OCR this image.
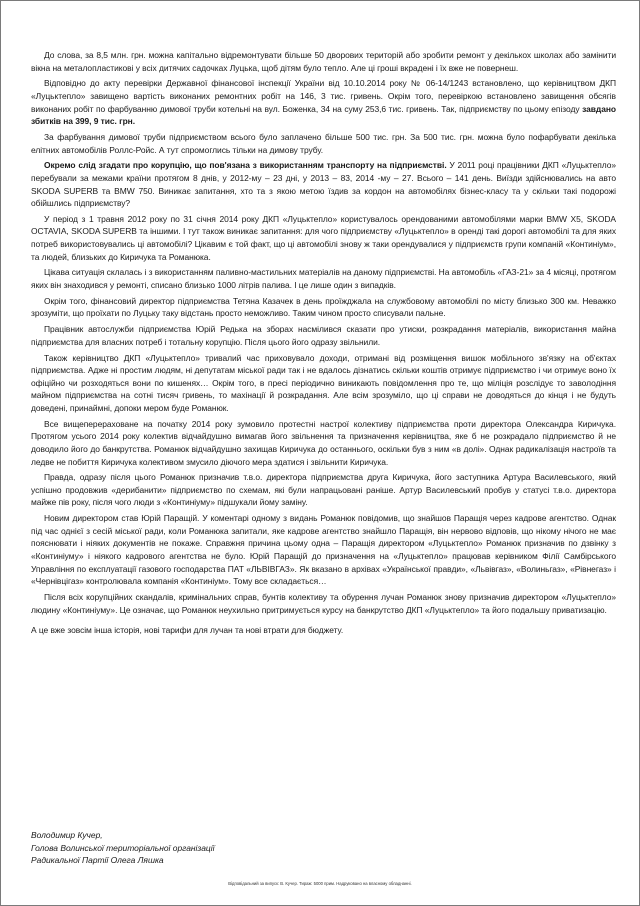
До слова, за 8,5 млн. грн. можна капітально відремонтувати більше 50 дворових територій або зробити ремонт у декількох школах або замінити вікна на металопластикові у всіх дитячих садочках Луцька, щоб дітям було тепло. Але ці гроші вкрадені і їх вже не повернеш.

Відповідно до акту перевірки Державної фінансової інспекції України від 10.10.2014 року № 06-14/1243 встановлено, що керівництвом ДКП «Луцьктепло» завищено вартість виконаних ремонтних робіт на 146, 3 тис. гривень. Окрім того, перевіркою встановлено завищення обсягів виконаних робіт по фарбуванню димової труби котельні на вул. Боженка, 34 на суму 253,6 тис. гривень. Так, підприємству по цьому епізоду завдано збитків на 399, 9 тис. грн.

За фарбування димової труби підприємством всього було заплачено більше 500 тис. грн. За 500 тис. грн. можна було пофарбувати декілька елітних автомобілів Роллс-Ройс. А тут спромоглись тільки на димову трубу.

Окремо слід згадати про корупцію, що пов'язана з використанням транспорту на підприємстві. У 2011 році працівники ДКП «Луцьктепло» перебували за межами країни протягом 8 днів, у 2012-му – 23 дні, у 2013 – 83, 2014 -му – 27. Всього – 141 день. Виїзди здійснювались на авто SKODA SUPERB та BMW 750. Виникає запитання, хто та з якою метою їздив за кордон на автомобілях бізнес-класу та у скільки такі подорожі обійшлись підприємству?

У період з 1 травня 2012 року по 31 січня 2014 року ДКП «Луцьктепло» користувалось орендованими автомобілями марки BMW X5, SKODA OCTAVIA, SKODA SUPERB та іншими. І тут також виникає запитання: для чого підприємству «Луцьктепло» в оренді такі дорогі автомобілі та для яких потреб використовувались ці автомобілі? Цікавим є той факт, що ці автомобілі знову ж таки орендувалися у підприємств групи компаній «Континіум», та людей, близьких до Киричука та Романюка.

Цікава ситуація склалась і з використанням паливно-мастильних матеріалів на даному підприємстві. На автомобіль «ГАЗ-21» за 4 місяці, протягом яких він знаходився у ремонті, списано близько 1000 літрів палива. І це лише один з випадків.

Окрім того, фінансовий директор підприємства Тетяна Казачек в день проїжджала на службовому автомобілі по місту близько 300 км. Неважко зрозуміти, що проїхати по Луцьку таку відстань просто неможливо. Таким чином просто списували пальне.

Працівник автослужби підприємства Юрій Редька на зборах насмілився сказати про утиски, розкрадання матеріалів, використання майна підприємства для власних потреб і тотальну корупцію. Після цього його одразу звільнили.

Також керівництво ДКП «Луцьктепло» тривалий час приховувало доходи, отримані від розміщення вишок мобільного зв'язку на об'єктах підприємства. Адже ні простим людям, ні депутатам міської ради так і не вдалось дізнатись скільки коштів отримує підприємство і чи отримує воно їх офіційно чи розходяться вони по кишенях… Окрім того, в пресі періодично виникають повідомлення про те, що міліція розслідує то заволодіння майном підприємства на сотні тисяч гривень, то махінації й розкрадання. Але всім зрозуміло, що ці справи не доводяться до кінця і не будуть доведені, принаймні, допоки мером буде Романюк.

Все вищеперераховане на початку 2014 року зумовило протестні настрої колективу підприємства проти директора Олександра Киричука. Протягом усього 2014 року колектив відчайдушно вимагав його звільнення та призначення керівництва, яке б не розкрадало підприємство й не доводило його до банкрутства. Романюк відчайдушно захищав Киричука до останнього, оскільки був з ним «в долі». Однак радикалізація настроїв та ледве не побиття Киричука колективом змусило діючого мера здатися і звільнити Киричука.

Правда, одразу після цього Романюк призначив т.в.о. директора підприємства друга Киричука, його заступника Артура Василевського, який успішно продовжив «дерибанити» підприємство по схемам, які були напрацьовані раніше. Артур Василевський пробув у статусі т.в.о. директора майже пів року, після чого люди з «Континіуму» підшукали йому заміну.

Новим директором став Юрій Паращій. У коментарі одному з видань Романюк повідомив, що знайшов Паращія через кадрове агентство. Однак під час однієї з сесій міської ради, коли Романюка запитали, яке кадрове агентство знайшло Паращія, він нервово відповів, що нікому нічого не має пояснювати і ніяких документів не покаже. Справжня причина цьому одна – Паращія директором «Луцьктепло» Романюк призначив по дзвінку з «Континіуму» і ніякого кадрового агентства не було. Юрій Паращій до призначення на «Луцьктепло» працював керівником Філії Самбірського Управління по експлуатації газового господарства ПАТ «ЛЬВІВГАЗ». Як вказано в архівах «Української правди», «Львівгаз», «Волиньгаз», «Рівнегаз» і «Чернівцігаз» контролювала компанія «Континіум». Тому все складається…

Після всіх корупційних скандалів, кримінальних справ, бунтів колективу та обурення лучан Романюк знову призначив директором «Луцьктепло» людину «Континіуму». Це означає, що Романюк неухильно притримується курсу на банкрутство ДКП «Луцьктепло» та його подальшу приватизацію.

А це вже зовсім інша історія, нові тарифи для лучан та нові втрати для бюджету.

Володимир Кучер,
Голова Волинської територіальної організації
Радикальної Партії Олега Ляшка
Відповідальний за випуск: В. Кучер. Тираж: 5000 прим. Надруковано на власному обладнанні.
